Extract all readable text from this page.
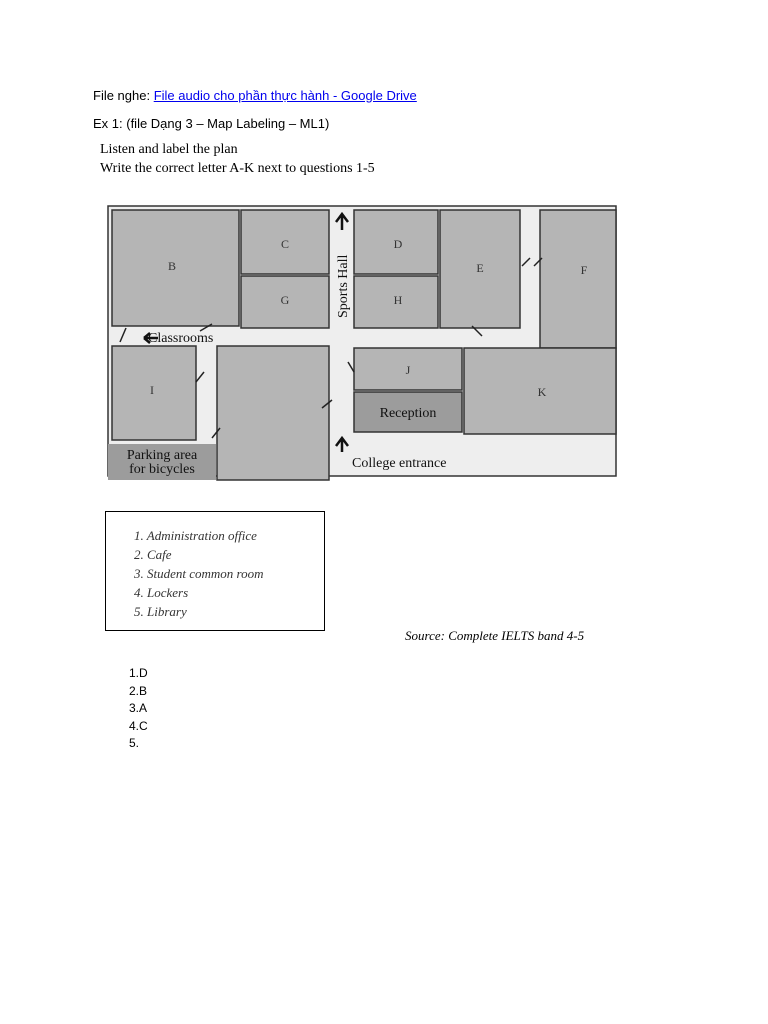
File nghe: File audio cho phần thực hành - Google Drive
Ex 1: (file Dạng 3 – Map Labeling – ML1)
Listen and label the plan
Write the correct letter A-K next to questions 1-5
B
C
G
D
H
E	F
I
J
K
Sports Hall
Classrooms
Reception
Parking area
for bicycles	College entrance
1. Administration office
2. Cafe
3. Student common room
4. Lockers
5. Library
Source: Complete IELTS band 4-5
1. D
2. B
3. A
4. C
5.
